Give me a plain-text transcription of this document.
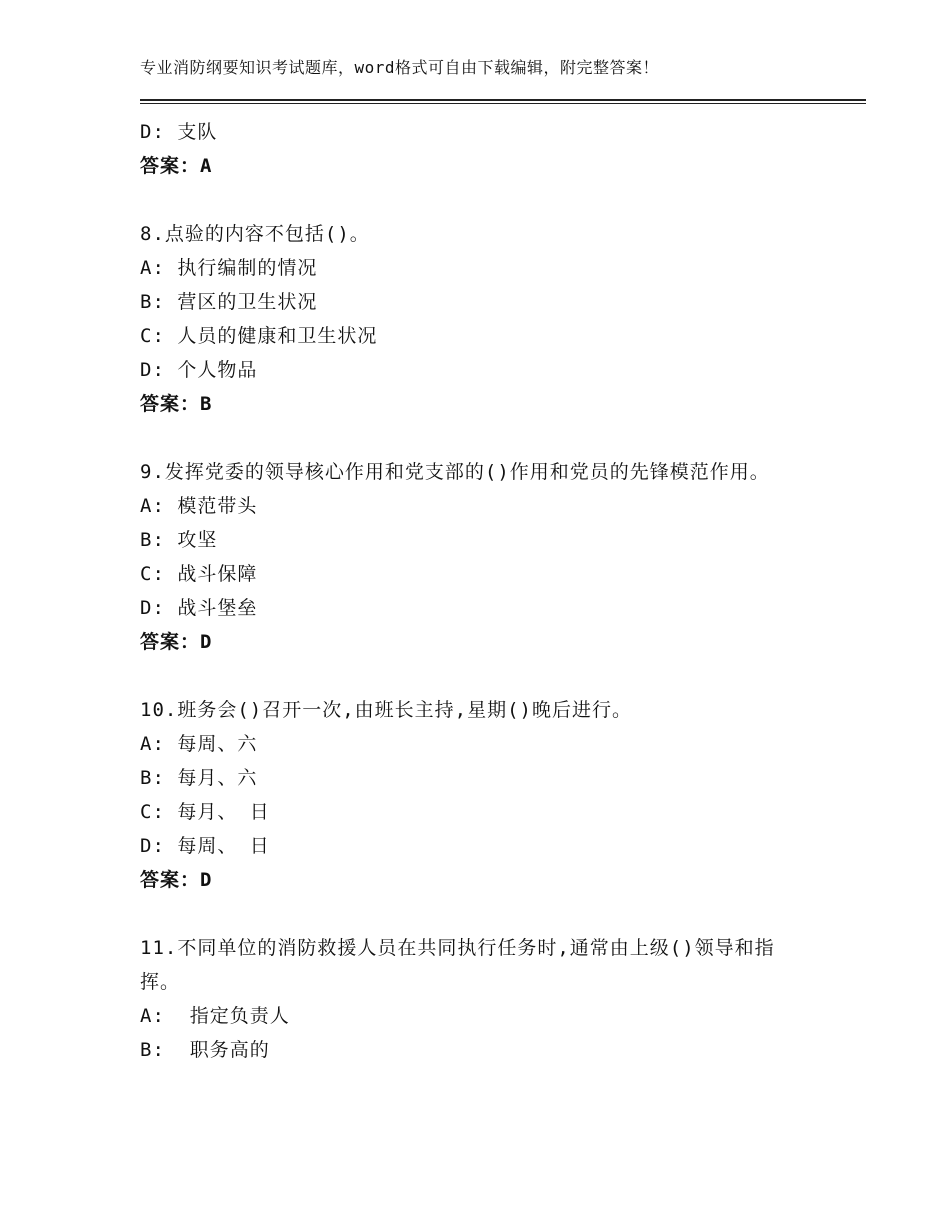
专业消防纲要知识考试题库，word格式可自由下载编辑，附完整答案！
D: 支队
答案：A
8.点验的内容不包括()。
A: 执行编制的情况
B: 营区的卫生状况
C: 人员的健康和卫生状况
D: 个人物品
答案：B
9.发挥党委的领导核心作用和党支部的()作用和党员的先锋模范作用。
A: 模范带头
B: 攻坚
C: 战斗保障
D: 战斗堡垒
答案：D
10.班务会()召开一次,由班长主持,星期()晚后进行。
A: 每周、六
B: 每月、六
C: 每月、 日
D: 每周、 日
答案：D
11.不同单位的消防救援人员在共同执行任务时,通常由上级()领导和指挥。
A:  指定负责人
B:  职务高的
